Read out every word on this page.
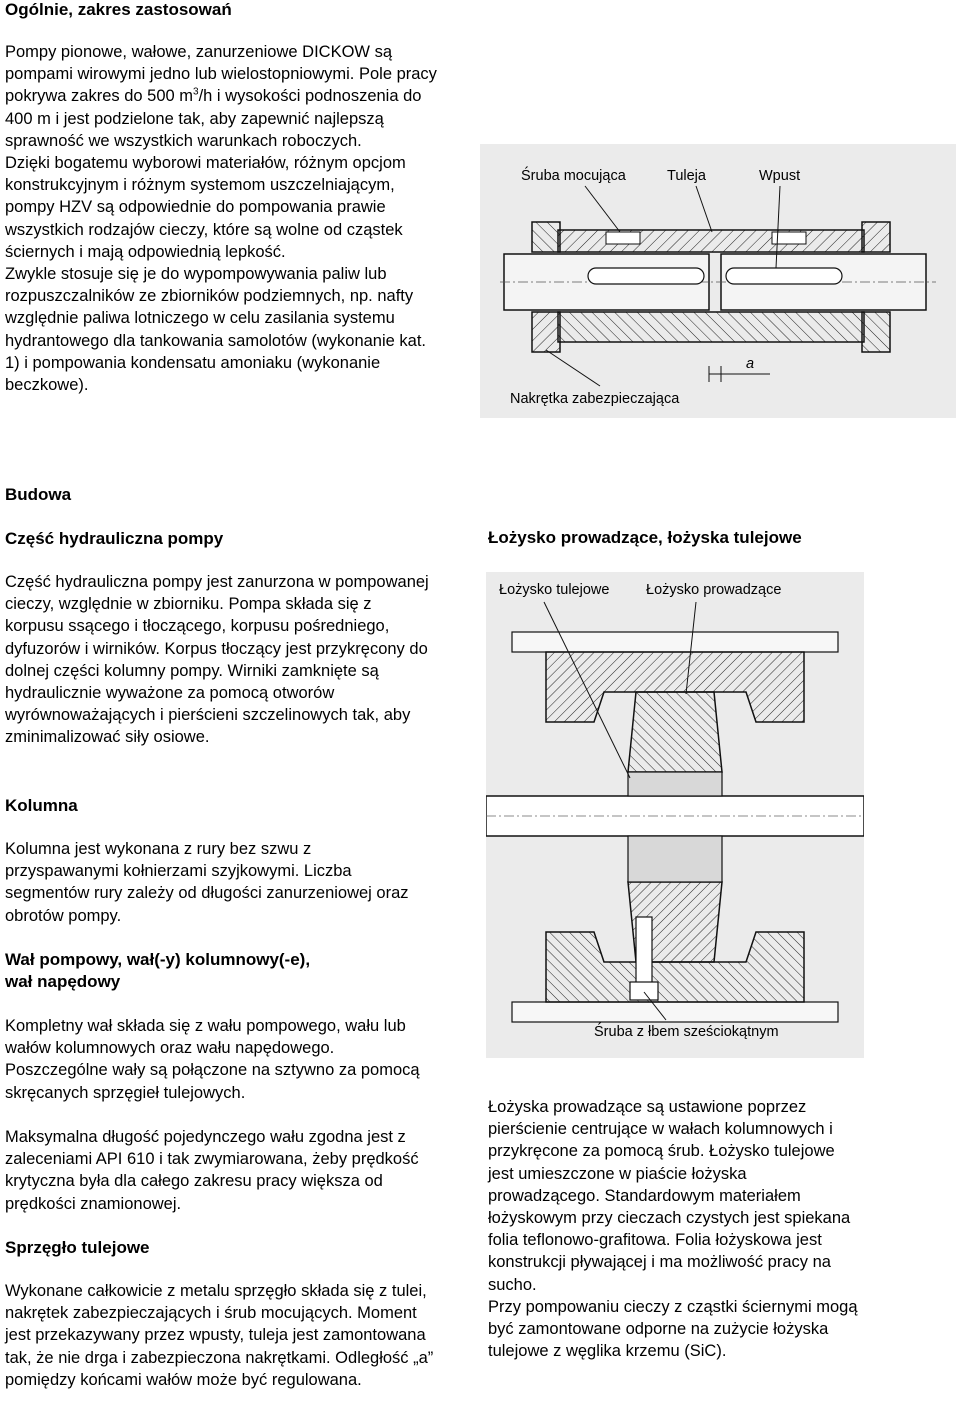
Ogólnie, zakres zastosowań

Pompy pionowe, wałowe, zanurzeniowe DICKOW są pompami wirowymi jedno lub wielostopniowymi. Pole pracy pokrywa zakres do 500 $m^3/h$ i wysokości podnoszenia do 400 m i jest podzielone tak, aby zapewnić najlepszą sprawność we wszystkich warunkach roboczych.

Dzięki bogatemu wyborowi materiałów, różnym opcjom konstrukcyjnym i różnym systemom uszczelniającym, pompy HZV są odpowiednie do pompowania prawie wszystkich rodzajów cieczy, które są wolne od cząstek ściernych i mają odpowiednią lepkość.

Zwykle stosuje się je do wypompowywania paliw lub rozpuszczalników ze zbiorników podziemnych, np. nafty względnie paliwa lotniczego w celu zasilania systemu hydrantowego dla tankowania samolotów (wykonanie kat. 1) i pompowania kondensatu amoniaku (wykonanie beczkowe).

Budowa
Część hydrauliczna pompy
Część hydrauliczna pompy jest zanurzona w pompowanej cieczy, względnie w zbiorniku. Pompa składa się z korpusu ssącego i tłoczącego, korpusu pośredniego, dyfuzorów i wirników. Korpus tłoczący jest przykręcony do dolnej części kolumny pompy. Wirniki zamknięte są hydraulicznie wyważone za pomocą otworów wyrównoważających i pierścieni szczelinowych tak, aby zminimalizować siły osiowe.
Kolumna
Kolumna jest wykonana z rury bez szwu z przyspawanymi kołnierzami szyjkowymi. Liczba segmentów rury zależy od długości zanurzeniowej oraz obrotów pompy.
Wał pompowy, wał(-y) kolumnowy(-e),
wał napędowy
Kompletny wał składa się z wału pompowego, wału lub wałów kolumnowych oraz wału napędowego. Poszczególne wały są połączone na sztywno za pomocą skręcanych sprzęgieł tulejowych.
Maksymalna długość pojedynczego wału zgodna jest z zaleceniami API 610 i tak zwymiarowana, żeby prędkość krytyczna była dla całego zakresu pracy większa od prędkości znamionowej.
Sprzęgło tulejowe
Wykonane całkowicie z metalu sprzęgło składa się z tulei, nakrętek zabezpieczających i śrub mocujących. Moment jest przekazywany przez wpusty, tuleja jest zamontowana tak, że nie drga i zabezpieczona nakrętkami. Odległość „a” pomiędzy końcami wałów może być regulowana.
Śruba mocująca	Tuleja	Wpust
Nakrętka zabezpieczająca
a
Łożysko prowadzące, łożyska tulejowe
Łożysko tulejowe	Łożysko prowadzące
Śruba z łbem sześciokątnym

Łożyska prowadzące są ustawione poprzez pierścienie centrujące w wałach kolumnowych i przykręcone za pomocą śrub. Łożysko tulejowe jest umieszczone w piaście łożyska prowadzącego. Standardowym materiałem łożyskowym przy cieczach czystych jest spiekana folia teflonowo-grafitowa. Folia łożyskowa jest konstrukcji pływającej i ma możliwość pracy na sucho.

Przy pompowaniu cieczy z cząstki ściernymi mogą być zamontowane odporne na zużycie łożyska tulejowe z węglika krzemu (SiC).
